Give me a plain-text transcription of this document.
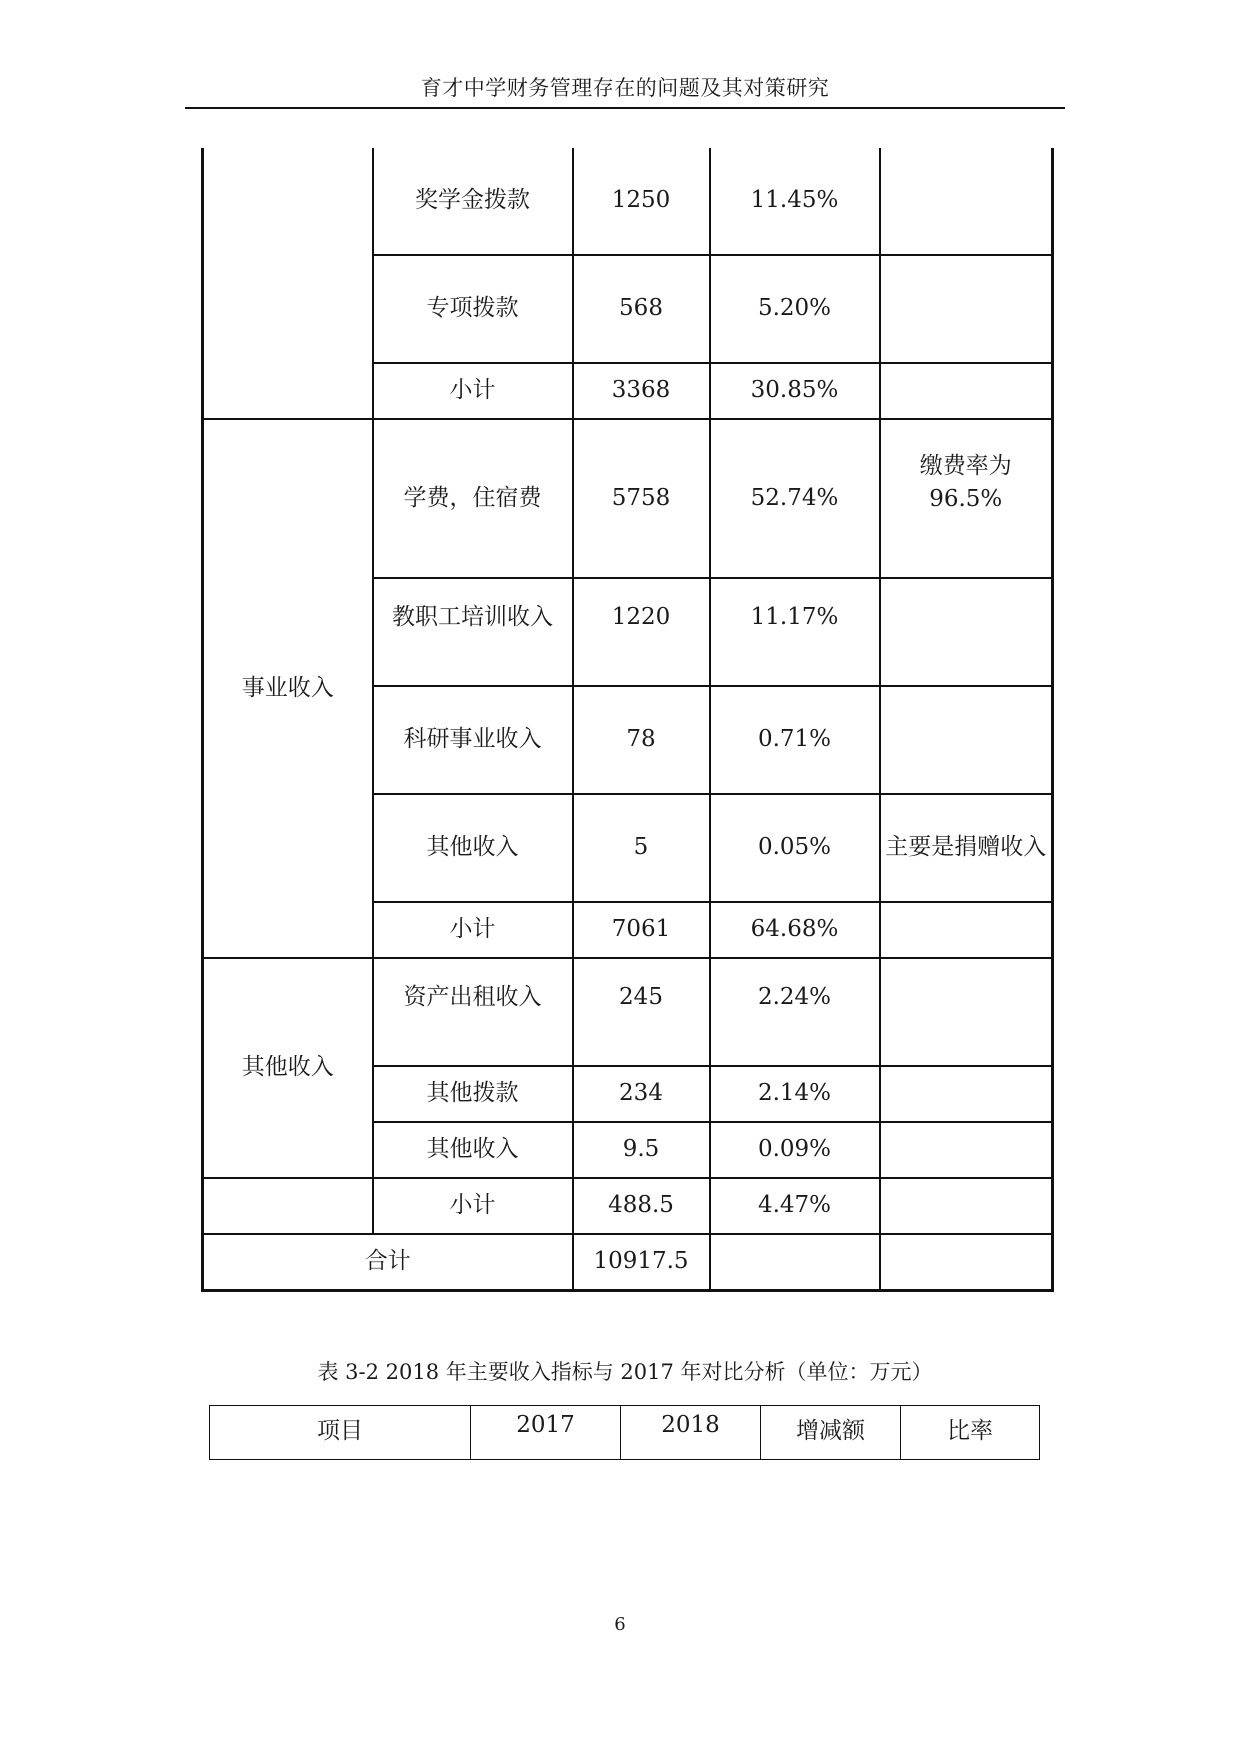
育才中学财务管理存在的问题及其对策研究
	奖学金拨款	1250	11.45%	
	专项拨款	568	5.20%	
	小计	3368	30.85%	
事业收入	学费，住宿费	5758	52.74%	缴费率为 96.5%
	教职工培训收入	1220	11.17%	
	科研事业收入	78	0.71%	
	其他收入	5	0.05%	主要是捐赠收入
	小计	7061	64.68%	
其他收入	资产出租收入	245	2.24%	
	其他拨款	234	2.14%	
	其他收入	9.5	0.09%	
	小计	488.5	4.47%	
合计		10917.5		
表 3-2 2018 年主要收入指标与 2017 年对比分析（单位：万元）
项目	2017	2018	增减额	比率
6
